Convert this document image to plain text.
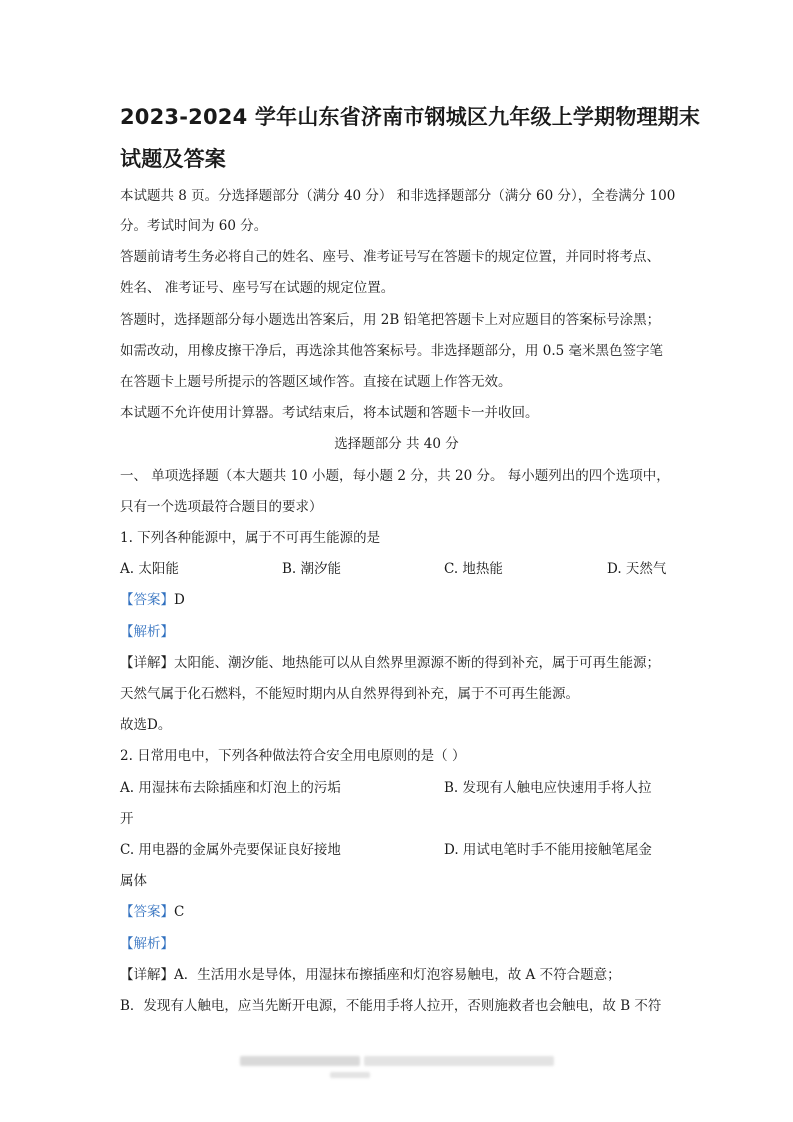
2023-2024 学年山东省济南市钢城区九年级上学期物理期末
试题及答案
本试题共 8 页。分选择题部分（满分 40 分） 和非选择题部分（满分 60 分），全卷满分 100
分。考试时间为 60 分。
答题前请考生务必将自己的姓名、座号、准考证号写在答题卡的规定位置，并同时将考点、
姓名、 准考证号、座号写在试题的规定位置。
答题时，选择题部分每小题选出答案后，用 2B 铅笔把答题卡上对应题目的答案标号涂黑；
如需改动，用橡皮擦干净后，再选涂其他答案标号。非选择题部分，用 0.5 毫米黑色签字笔
在答题卡上题号所提示的答题区域作答。直接在试题上作答无效。
本试题不允许使用计算器。考试结束后，将本试题和答题卡一并收回。
选择题部分 共 40 分
一、 单项选择题（本大题共 10 小题，每小题 2 分，共 20 分。 每小题列出的四个选项中，
只有一个选项最符合题目的要求）
1. 下列各种能源中，属于不可再生能源的是
A. 太阳能	B. 潮汐能	C. 地热能	D. 天然气
【答案】D
【解析】
【详解】太阳能、潮汐能、地热能可以从自然界里源源不断的得到补充，属于可再生能源；
天然气属于化石燃料，不能短时期内从自然界得到补充，属于不可再生能源。
故选D。
2. 日常用电中，下列各种做法符合安全用电原则的是（ ）
A. 用湿抹布去除插座和灯泡上的污垢	B. 发现有人触电应快速用手将人拉
开
C. 用电器的金属外壳要保证良好接地	D. 用试电笔时手不能用接触笔尾金
属体
【答案】C
【解析】
【详解】A．生活用水是导体，用湿抹布擦插座和灯泡容易触电，故 A 不符合题意；
B．发现有人触电，应当先断开电源，不能用手将人拉开，否则施救者也会触电，故 B 不符
